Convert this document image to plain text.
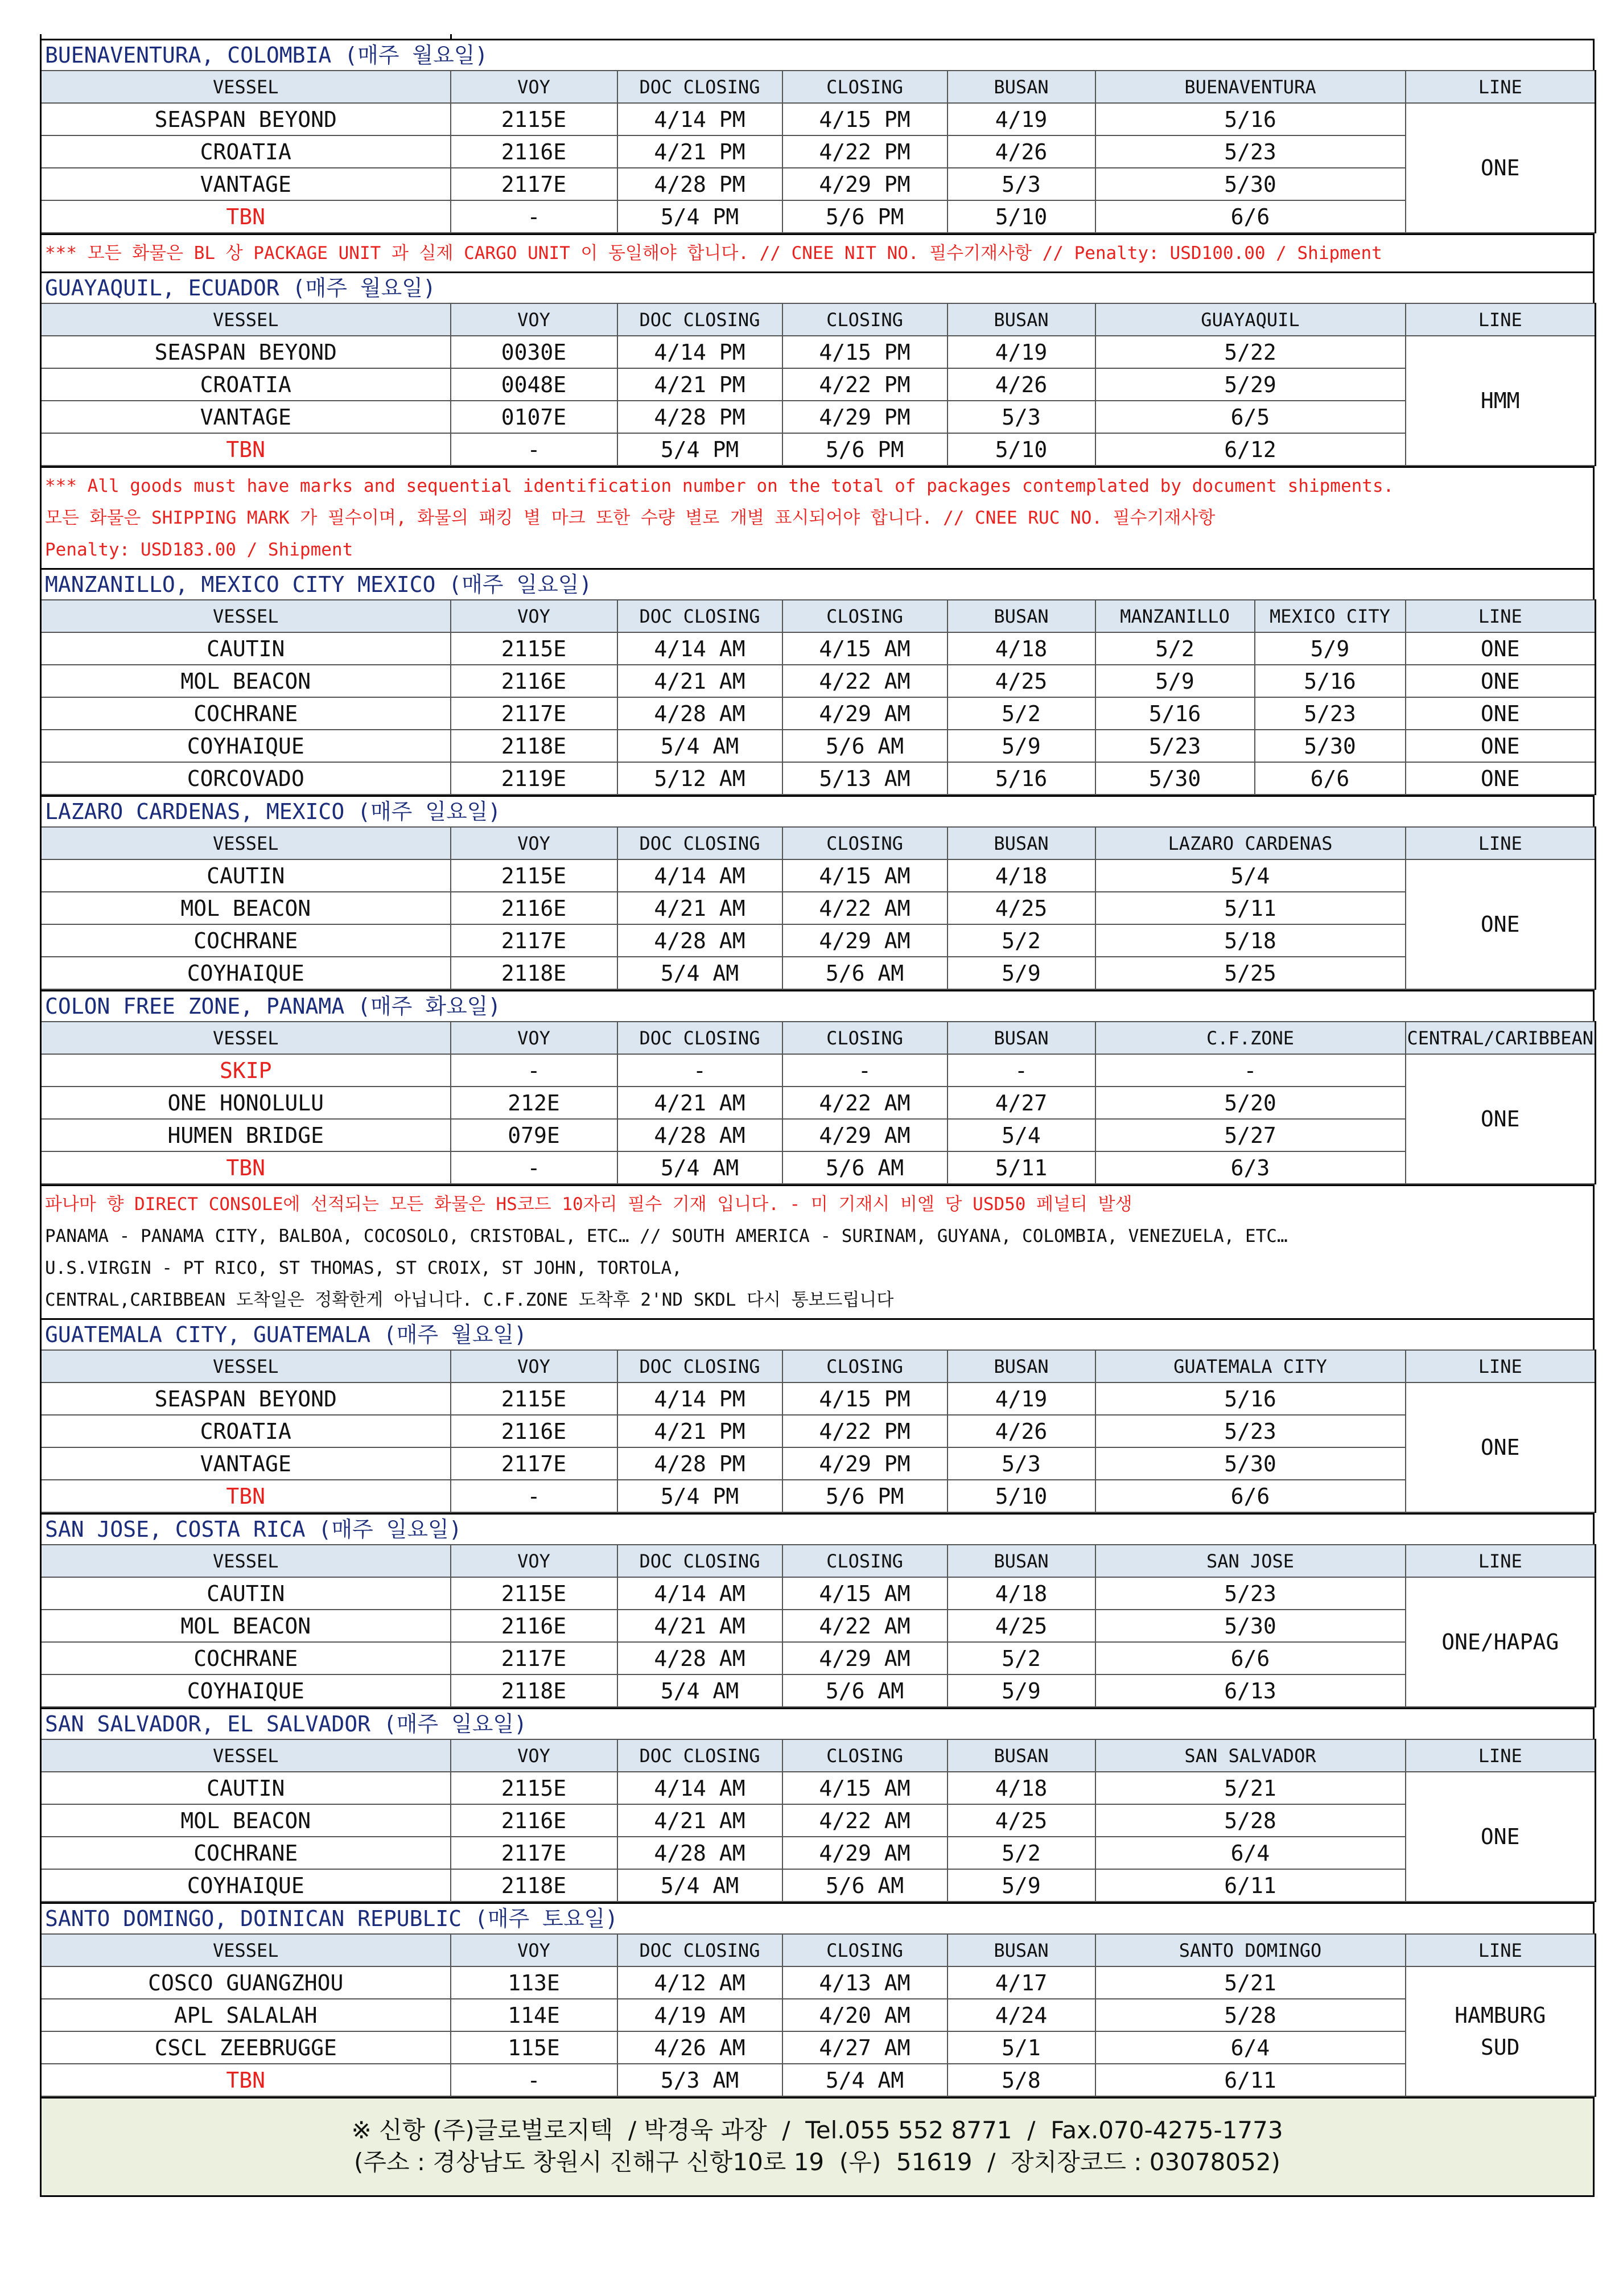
BUENAVENTURA, COLOMBIA (매주 월요일)
VESSEL	VOY	DOC CLOSING	CLOSING	BUSAN	BUENAVENTURA	LINE
SEASPAN BEYOND	2115E	4/14 PM	4/15 PM	4/19	5/16	ONE
CROATIA	2116E	4/21 PM	4/22 PM	4/26	5/23	
VANTAGE	2117E	4/28 PM	4/29 PM	5/3	5/30	
TBN	-	5/4 PM	5/6 PM	5/10	6/6	
*** 모든 화물은 BL 상 PACKAGE UNIT 과 실제 CARGO UNIT 이 동일해야 합니다. // CNEE NIT NO. 필수기재사항 // Penalty: USD100.00 / Shipment
GUAYAQUIL, ECUADOR (매주 월요일)
VESSEL	VOY	DOC CLOSING	CLOSING	BUSAN	GUAYAQUIL	LINE
SEASPAN BEYOND	0030E	4/14 PM	4/15 PM	4/19	5/22	HMM
CROATIA	0048E	4/21 PM	4/22 PM	4/26	5/29	
VANTAGE	0107E	4/28 PM	4/29 PM	5/3	6/5	
TBN	-	5/4 PM	5/6 PM	5/10	6/12	
*** All goods must have marks and sequential identification number on the total of packages contemplated by document shipments.
모든 화물은 SHIPPING MARK 가 필수이며, 화물의 패킹 별 마크 또한 수량 별로 개별 표시되어야 합니다. // CNEE RUC NO. 필수기재사항
Penalty: USD183.00 / Shipment
MANZANILLO, MEXICO CITY MEXICO (매주 일요일)
VESSEL	VOY	DOC CLOSING	CLOSING	BUSAN	MANZANILLO	MEXICO CITY	LINE
CAUTIN	2115E	4/14 AM	4/15 AM	4/18	5/2	5/9	ONE
MOL BEACON	2116E	4/21 AM	4/22 AM	4/25	5/9	5/16	ONE
COCHRANE	2117E	4/28 AM	4/29 AM	5/2	5/16	5/23	ONE
COYHAIQUE	2118E	5/4 AM	5/6 AM	5/9	5/23	5/30	ONE
CORCOVADO	2119E	5/12 AM	5/13 AM	5/16	5/30	6/6	ONE
LAZARO CARDENAS, MEXICO (매주 일요일)
VESSEL	VOY	DOC CLOSING	CLOSING	BUSAN	LAZARO CARDENAS	LINE
CAUTIN	2115E	4/14 AM	4/15 AM	4/18	5/4	ONE
MOL BEACON	2116E	4/21 AM	4/22 AM	4/25	5/11	
COCHRANE	2117E	4/28 AM	4/29 AM	5/2	5/18	
COYHAIQUE	2118E	5/4 AM	5/6 AM	5/9	5/25	
COLON FREE ZONE, PANAMA (매주 화요일)
VESSEL	VOY	DOC CLOSING	CLOSING	BUSAN	C.F.ZONE	CENTRAL/CARIBBEAN
SKIP	-	-	-	-	-	ONE
ONE HONOLULU	212E	4/21 AM	4/22 AM	4/27	5/20	
HUMEN BRIDGE	079E	4/28 AM	4/29 AM	5/4	5/27	
TBN	-	5/4 AM	5/6 AM	5/11	6/3	
파나마 향 DIRECT CONSOLE에 선적되는 모든 화물은 HS코드 10자리 필수 기재 입니다. - 미 기재시 비엘 당 USD50 페널티 발생
PANAMA - PANAMA CITY, BALBOA, COCOSOLO, CRISTOBAL, ETC… // SOUTH AMERICA - SURINAM, GUYANA, COLOMBIA, VENEZUELA, ETC…
U.S.VIRGIN - PT RICO, ST THOMAS, ST CROIX, ST JOHN, TORTOLA,
CENTRAL,CARIBBEAN 도착일은 정확한게 아닙니다. C.F.ZONE 도착후 2'ND SKDL 다시 통보드립니다
GUATEMALA CITY, GUATEMALA (매주 월요일)
VESSEL	VOY	DOC CLOSING	CLOSING	BUSAN	GUATEMALA CITY	LINE
SEASPAN BEYOND	2115E	4/14 PM	4/15 PM	4/19	5/16	ONE
CROATIA	2116E	4/21 PM	4/22 PM	4/26	5/23	
VANTAGE	2117E	4/28 PM	4/29 PM	5/3	5/30	
TBN	-	5/4 PM	5/6 PM	5/10	6/6	
SAN JOSE, COSTA RICA (매주 일요일)
VESSEL	VOY	DOC CLOSING	CLOSING	BUSAN	SAN JOSE	LINE
CAUTIN	2115E	4/14 AM	4/15 AM	4/18	5/23	ONE/HAPAG
MOL BEACON	2116E	4/21 AM	4/22 AM	4/25	5/30	
COCHRANE	2117E	4/28 AM	4/29 AM	5/2	6/6	
COYHAIQUE	2118E	5/4 AM	5/6 AM	5/9	6/13	
SAN SALVADOR, EL SALVADOR (매주 일요일)
VESSEL	VOY	DOC CLOSING	CLOSING	BUSAN	SAN SALVADOR	LINE
CAUTIN	2115E	4/14 AM	4/15 AM	4/18	5/21	ONE
MOL BEACON	2116E	4/21 AM	4/22 AM	4/25	5/28	
COCHRANE	2117E	4/28 AM	4/29 AM	5/2	6/4	
COYHAIQUE	2118E	5/4 AM	5/6 AM	5/9	6/11	
SANTO DOMINGO, DOINICAN REPUBLIC (매주 토요일)
VESSEL	VOY	DOC CLOSING	CLOSING	BUSAN	SANTO DOMINGO	LINE
COSCO GUANGZHOU	113E	4/12 AM	4/13 AM	4/17	5/21	HAMBURG SUD
APL SALALAH	114E	4/19 AM	4/20 AM	4/24	5/28	
CSCL ZEEBRUGGE	115E	4/26 AM	4/27 AM	5/1	6/4	
TBN	-	5/3 AM	5/4 AM	5/8	6/11	
※ 신항 (주)글로벌로지텍  / 박경욱 과장  /  Tel.055 552 8771  /  Fax.070-4275-1773
(주소 : 경상남도 창원시 진해구 신항10로 19  (우)  51619  /  장치장코드 : 03078052)
